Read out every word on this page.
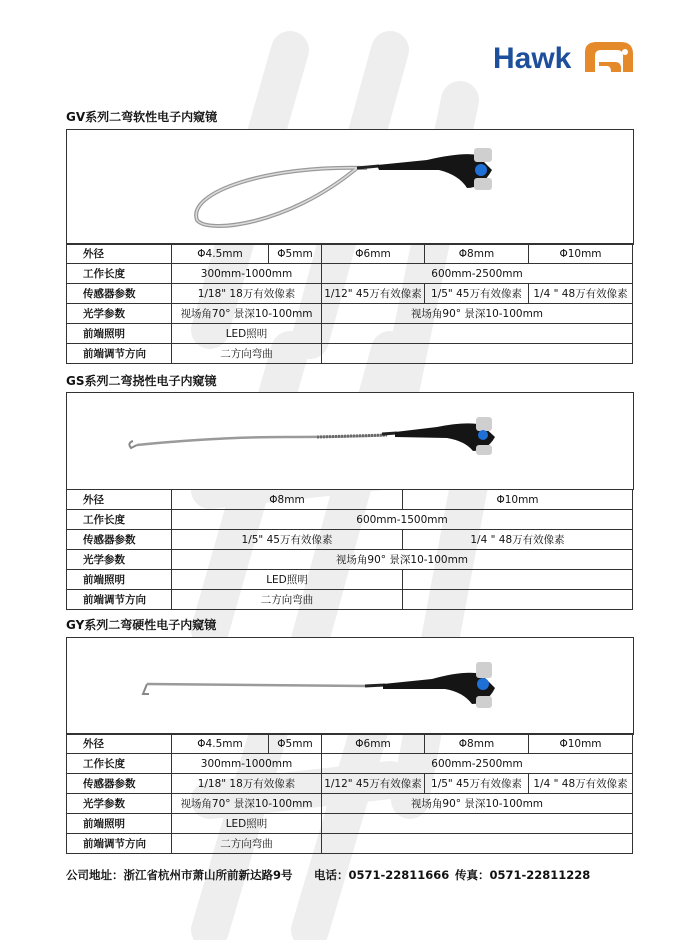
Hawk
GV系列二弯软性电子内窥镜
外径	Φ4.5mm	Φ5mm	Φ6mm	Φ8mm	Φ10mm
工作长度	300mm-1000mm		600mm-2500mm		
传感器参数	1/18" 18万有效像素		1/12" 45万有效像素	1/5" 45万有效像素	1/4 " 48万有效像素
光学参数	视场角70° 景深10-100mm		视场角90° 景深10-100mm		
前端照明	LED照明				
前端调节方向	二方向弯曲				
GS系列二弯挠性电子内窥镜
外径	Φ8mm	Φ10mm
工作长度	600mm-1500mm	
传感器参数	1/5" 45万有效像素	1/4 " 48万有效像素
光学参数	视场角90° 景深10-100mm	
前端照明	LED照明	
前端调节方向	二方向弯曲	
GY系列二弯硬性电子内窥镜
外径	Φ4.5mm	Φ5mm	Φ6mm	Φ8mm	Φ10mm
工作长度	300mm-1000mm		600mm-2500mm		
传感器参数	1/18" 18万有效像素		1/12" 45万有效像素	1/5" 45万有效像素	1/4 " 48万有效像素
光学参数	视场角70° 景深10-100mm		视场角90° 景深10-100mm		
前端照明	LED照明				
前端调节方向	二方向弯曲				
公司地址：浙江省杭州市萧山所前新达路9号 电话：0571-22811666 传真：0571-22811228
